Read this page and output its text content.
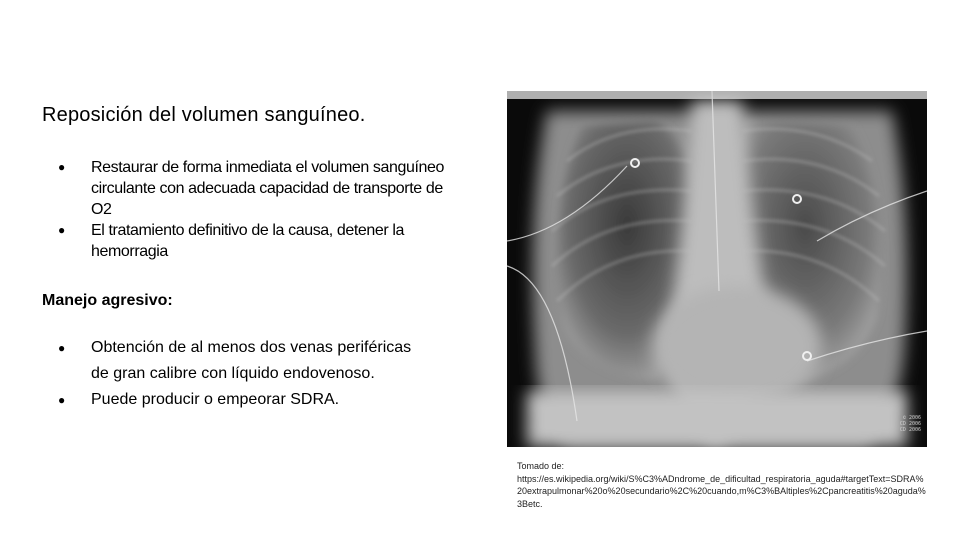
Reposición del volumen sanguíneo.
● Restaurar de forma inmediata el volumen sanguíneo circulante con adecuada capacidad de transporte de O2
● El tratamiento definitivo de la causa, detener la hemorragia
Manejo agresivo:
● Obtención de al menos dos venas periféricas de gran calibre con líquido endovenoso.
● Puede producir o empeorar SDRA.
© 2006
CD 2006
CD 2006
Tomado de:
https://es.wikipedia.org/wiki/S%C3%ADndrome_de_dificultad_respiratoria_aguda#targetText=SDRA%20extrapulmonar%20o%20secundario%2C%20cuando,m%C3%BAltiples%2Cpancreatitis%20aguda%3Betc.
